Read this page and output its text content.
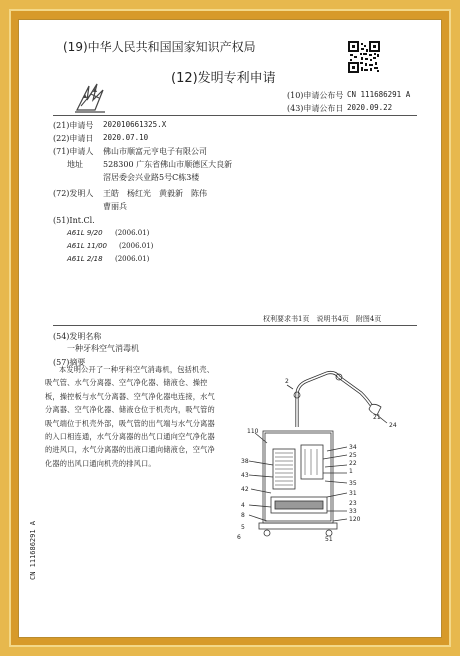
(19)中华人民共和国国家知识产权局
(12)发明专利申请
(10)申请公布号 CN 111686291 A
(43)申请公布日 2020.09.22
(21)申请号 202010661325.X
(22)申请日 2020.07.10
(71)申请人 佛山市顺富元亨电子有限公司
地址	528300 广东省佛山市顺德区大良新
滘居委会兴业路5号C栋3楼
(72)发明人 王皓　杨红光　黄毅新　陈伟
曹丽兵
(51)Int.Cl.
A61L 9/20 (2006.01)
A61L 11/00 (2006.01)
A61L 2/18 (2006.01)
权利要求书1页　说明书4页　附图4页
(54)发明名称
一种牙科空气消毒机
(57)摘要
本发明公开了一种牙科空气消毒机，包括机壳、吸气管、水气分离器、空气净化器、储液仓、操控板，操控板与水气分离器、空气净化器电连接，水气分离器、空气净化器、储液仓位于机壳内，吸气管的吸气端位于机壳外部，吸气管的出气端与水气分离器的入口相连通，水气分离器的出气口通向空气净化器的进风口，水气分离器的出液口通向储液仓，空气净化器的出风口通向机壳的排风口。
CN 111686291 A
2
21
24
110
1
38
43
42
4
8
5
6
34
25
22
35
31
23
33
120
51
